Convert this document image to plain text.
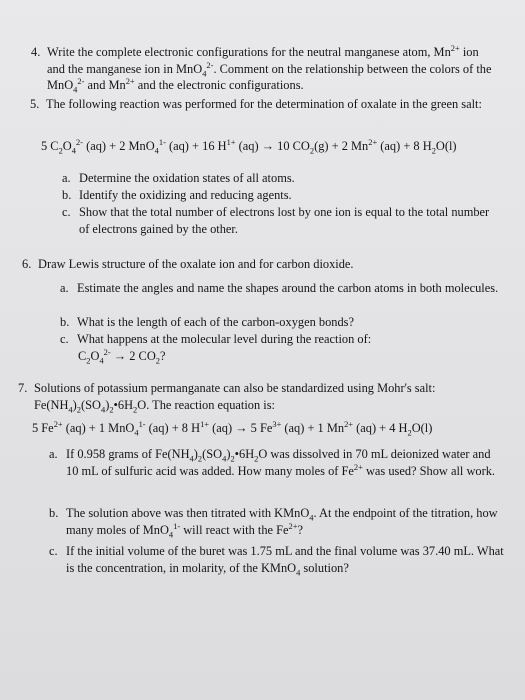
4. Write the complete electronic configurations for the neutral manganese atom, $Mn^{2+}$ ion and the manganese ion in MnO$_4^{2-}$. Comment on the relationship between the colors of the MnO$_4^{2-}$ and $Mn^{2+}$ and the electronic configurations.
5. The following reaction was performed for the determination of oxalate in the green salt:
5 $C_2O_4^{2-}$ (aq) + 2 MnO$_4^{1-}$ (aq) + 16 $H^{1+}$ (aq) → 10 $CO_2(g) + 2$ $Mn^{2+}$ (aq) + 8 $H_2O(l)$
a. Determine the oxidation states of all atoms.
b. Identify the oxidizing and reducing agents.
c. Show that the total number of electrons lost by one ion is equal to the total number of electrons gained by the other.
6. Draw Lewis structure of the oxalate ion and for carbon dioxide.
a. Estimate the angles and name the shapes around the carbon atoms in both molecules.
b. What is the length of each of the carbon-oxygen bonds?
c. What happens at the molecular level during the reaction of:
$C_2O_4^{2-} \to 2$ $CO_2$?
7. Solutions of potassium permanganate can also be standardized using Mohr's salt: $Fe(NH_4)_2(SO_4)_2•6H_2O$. The reaction equation is:
5 $Fe^{2+}$ (aq) + 1 MnO$_4^{1-}$ (aq) + 8 $H^{1+}$ (aq) → 5 $Fe^{3+}$ (aq) + 1 $Mn^{2+}$ (aq) + 4 $H_2O(l)$
a. If 0.958 grams of $Fe(NH_4)_2(SO_4)_2•6H_2O$ was dissolved in 70 mL deionized water and 10 mL of sulfuric acid was added. How many moles of $Fe^{2+}$ was used? Show all work.
b. The solution above was then titrated with KMnO$_4$. At the endpoint of the titration, how many moles of MnO$_4^{1-}$ will react with the $Fe^{2+}$?
c. If the initial volume of the buret was 1.75 mL and the final volume was 37.40 mL. What is the concentration, in molarity, of the KMnO$_4$ solution?
